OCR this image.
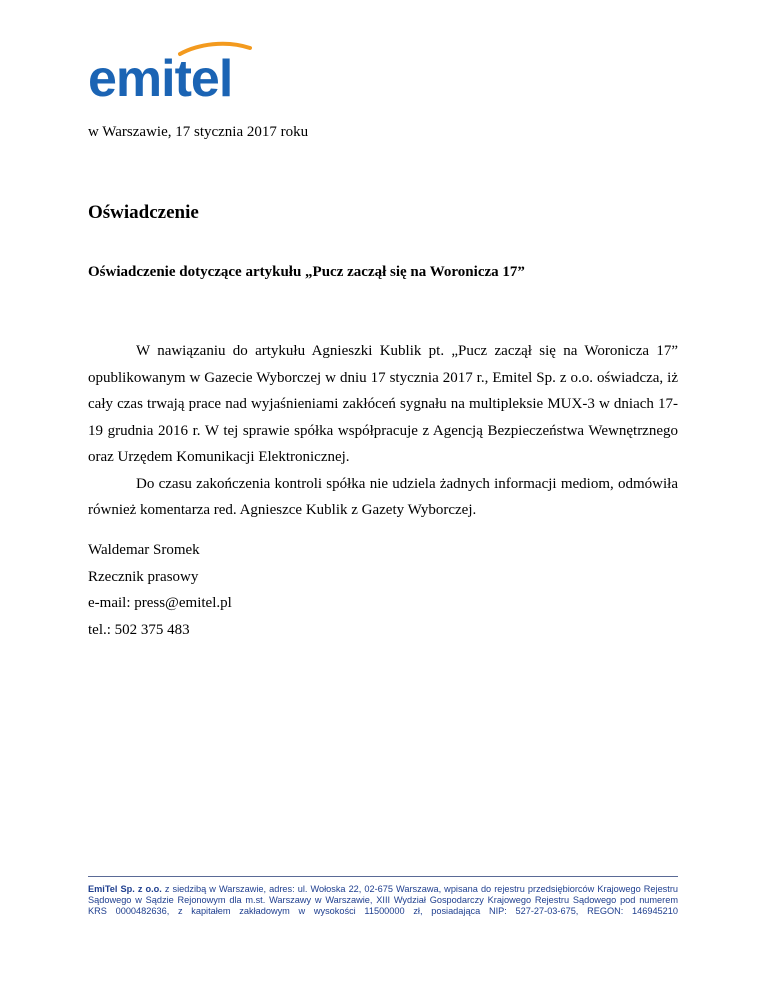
emitel
w Warszawie, 17 stycznia 2017 roku
Oświadczenie
Oświadczenie dotyczące artykułu „Pucz zaczął się na Woronicza 17”

W nawiązaniu do artykułu Agnieszki Kublik pt. „Pucz zaczął się na Woronicza 17” opublikowanym w Gazecie Wyborczej w dniu 17 stycznia 2017 r., Emitel Sp. z o.o. oświadcza, iż cały czas trwają prace nad wyjaśnieniami zakłóceń sygnału na multipleksie MUX-3 w dniach 17-19 grudnia 2016 r. W tej sprawie spółka współpracuje z Agencją Bezpieczeństwa Wewnętrznego oraz Urzędem Komunikacji Elektronicznej.

Do czasu zakończenia kontroli spółka nie udziela żadnych informacji mediom, odmówiła również komentarza red. Agnieszce Kublik z Gazety Wyborczej.

Waldemar Sromek
Rzecznik prasowy
e-mail: press@emitel.pl
tel.: 502 375 483
EmiTel Sp. z o.o. z siedzibą w Warszawie, adres: ul. Wołoska 22, 02-675 Warszawa, wpisana do rejestru przedsiębiorców Krajowego Rejestru Sądowego w Sądzie Rejonowym dla m.st. Warszawy w Warszawie, XIII Wydział Gospodarczy Krajowego Rejestru Sądowego pod numerem KRS 0000482636, z kapitałem zakładowym w wysokości 11500000 zł, posiadająca NIP: 527-27-03-675, REGON: 146945210
